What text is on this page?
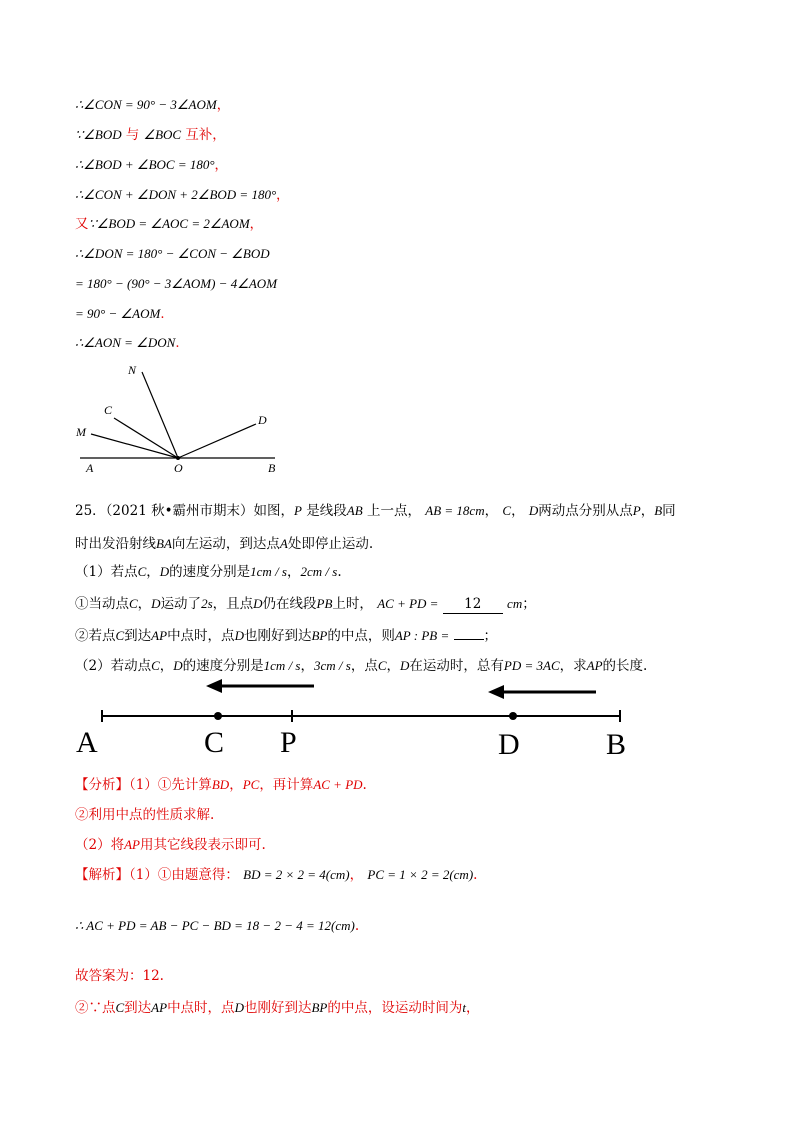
∴∠CON = 90° − 3∠AOM，
∵∠BOD 与 ∠BOC 互补，
∴∠BOD + ∠BOC = 180°，
∴∠CON + ∠DON + 2∠BOD = 180°，
又∵∠BOD = ∠AOC = 2∠AOM，
∴∠DON = 180° − ∠CON − ∠BOD
= 180° − (90° − 3∠AOM) − 4∠AOM
= 90° − ∠AOM.
∴∠AON = ∠DON.
N
C
M
D
A	O	B
25．（2021 秋•霸州市期末）如图，P 是线段AB 上一点， AB = 18cm， C， D两动点分别从点P，B同
时出发沿射线BA向左运动，到达点A处即停止运动.
（1）若点C，D的速度分别是1cm / s，2cm / s.
①当动点C，D运动了2s，且点D仍在线段PB上时， AC + PD = 12 cm；
②若点C到达AP中点时，点D也刚好到达BP的中点，则AP : PB =	；
（2）若动点C，D的速度分别是1cm / s，3cm / s，点C，D在运动时，总有PD = 3AC，求AP的长度.
A	C P	D	B
【分析】（1）①先计算BD，PC，再计算AC + PD.
②利用中点的性质求解.
（2）将AP用其它线段表示即可.
【解析】（1）①由题意得： BD = 2 × 2 = 4(cm)， PC = 1 × 2 = 2(cm).
∴ AC + PD = AB − PC − BD = 18 − 2 − 4 = 12(cm).
故答案为：12.
②∵点C到达AP中点时，点D也刚好到达BP的中点，设运动时间为t，
